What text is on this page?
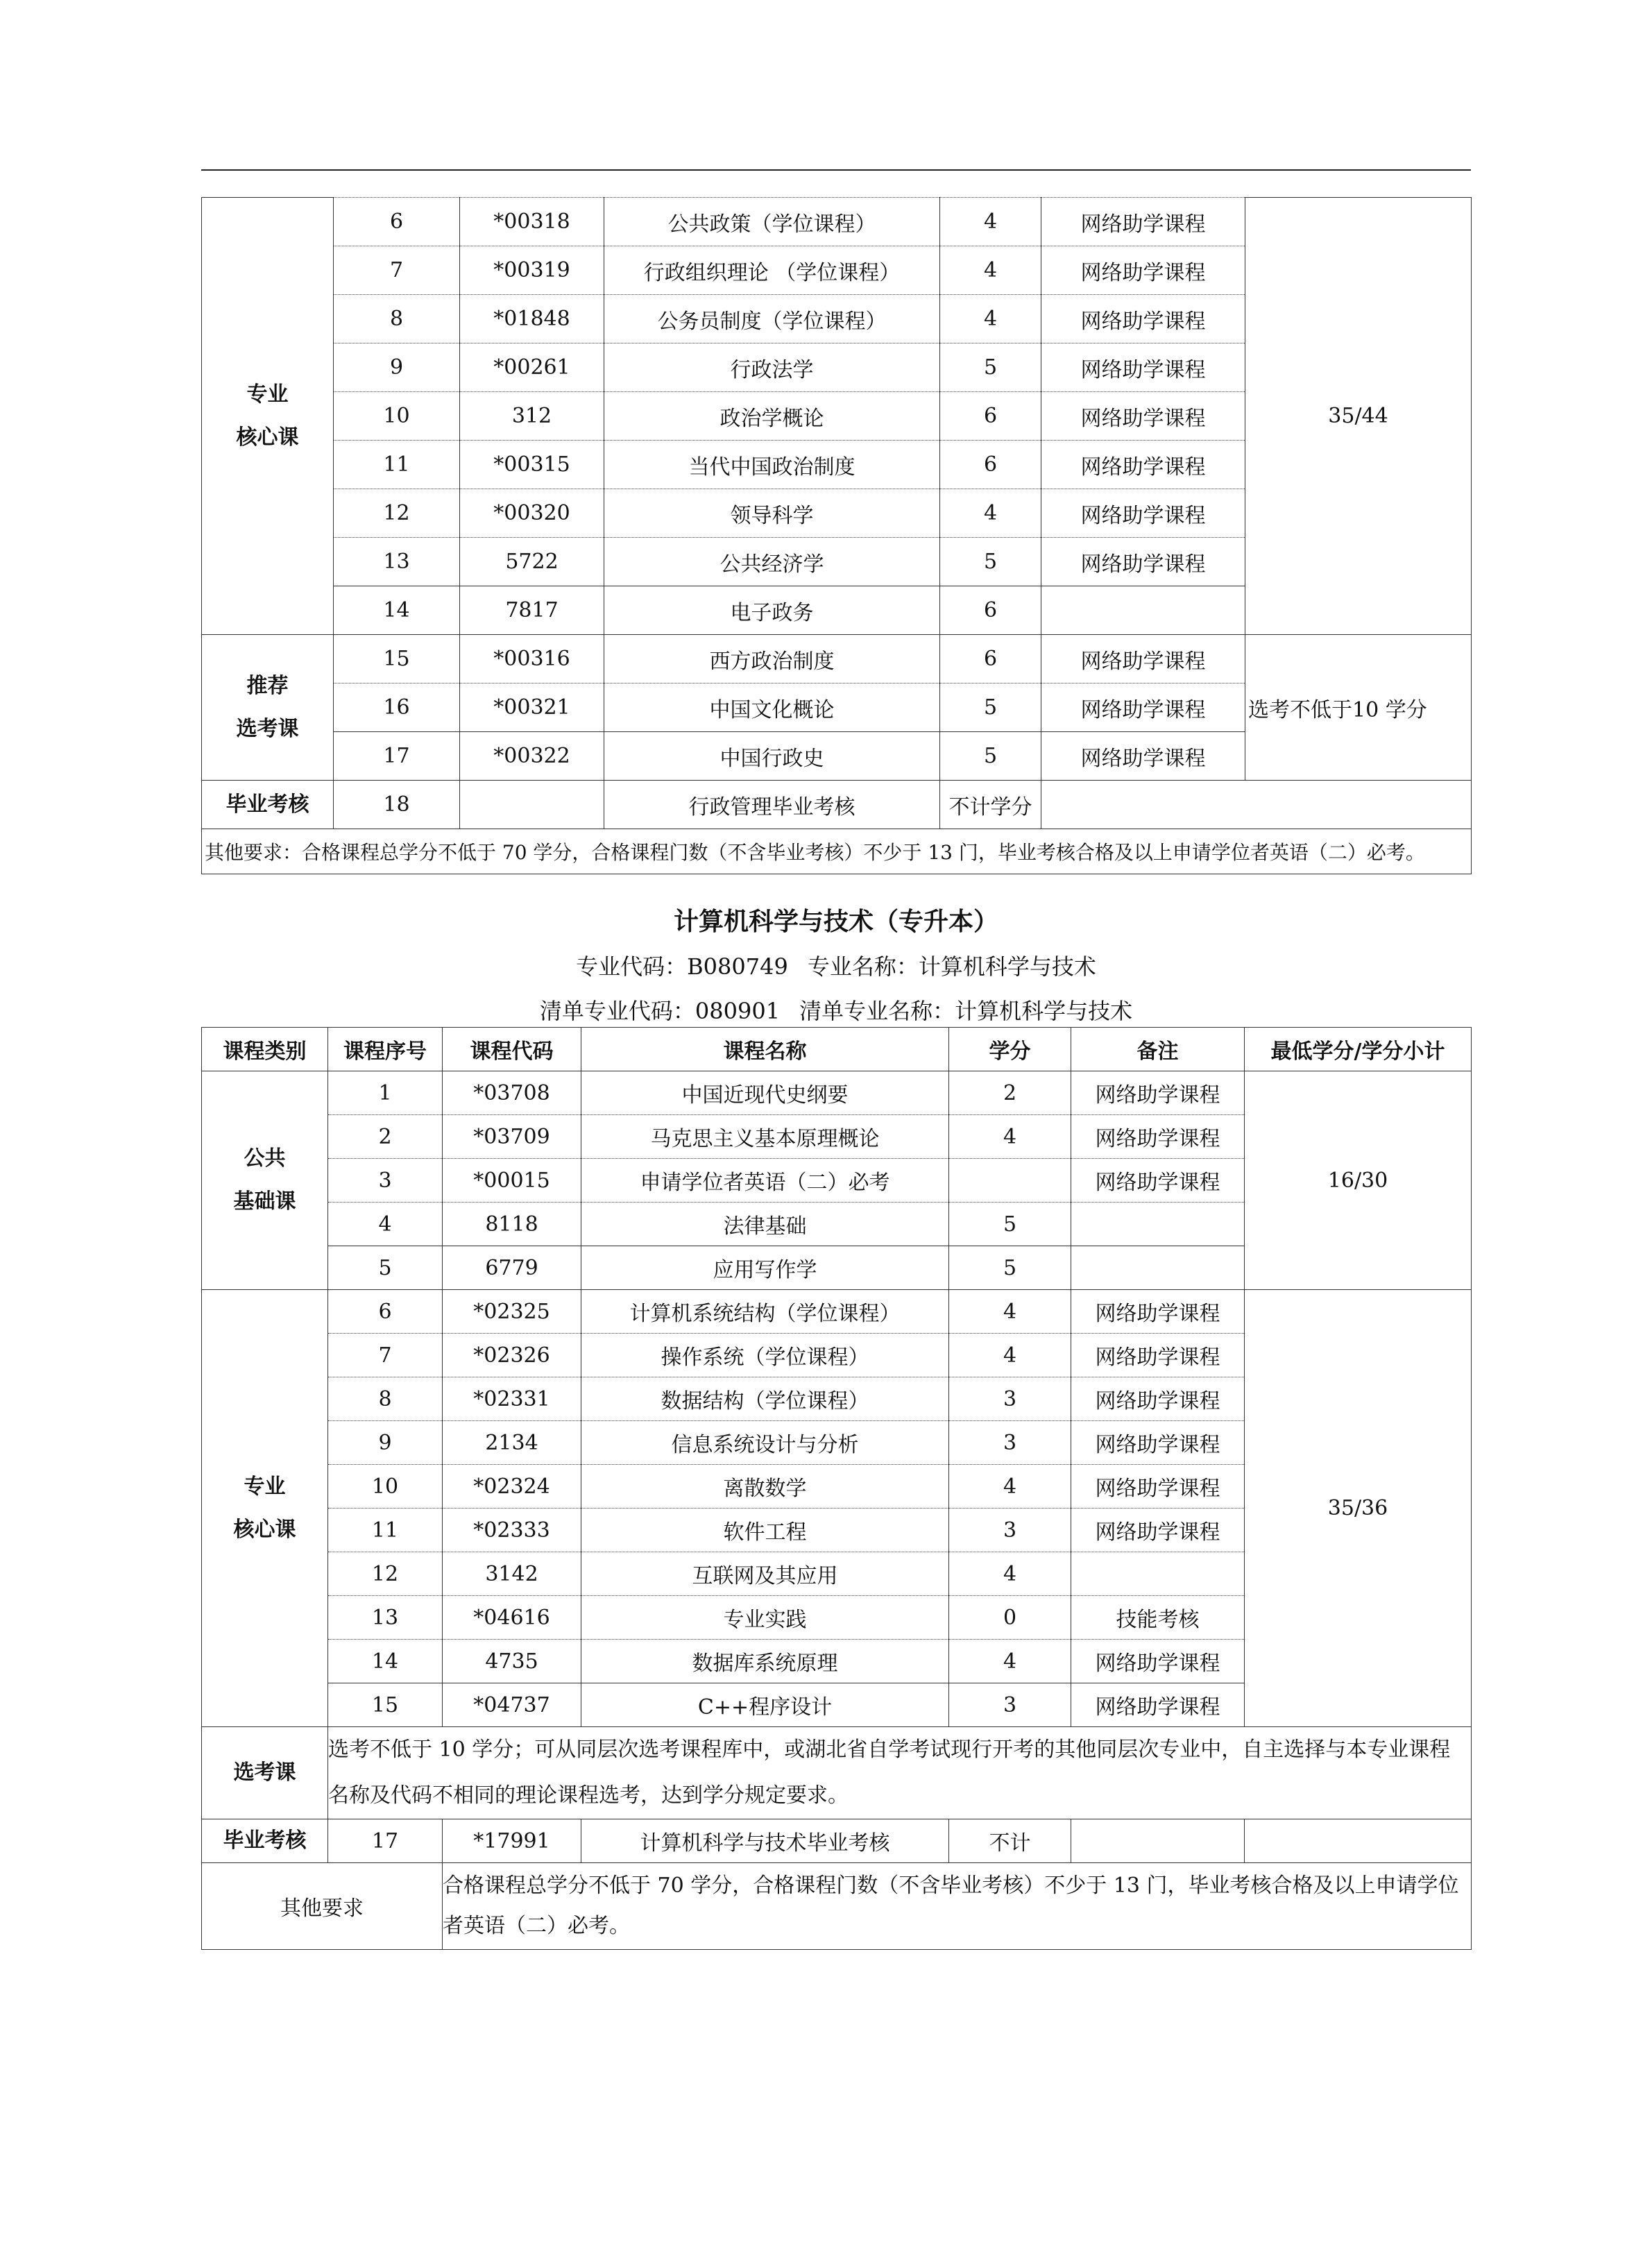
专业
核心课	6	*00318	公共政策（学位课程）	4	网络助学课程	35/44
	7	*00319	行政组织理论 （学位课程）	4	网络助学课程	
	8	*01848	公务员制度（学位课程）	4	网络助学课程	
	9	*00261	行政法学	5	网络助学课程	
	10	312	政治学概论	6	网络助学课程	
	11	*00315	当代中国政治制度	6	网络助学课程	
	12	*00320	领导科学	4	网络助学课程	
	13	5722	公共经济学	5	网络助学课程	
	14	7817	电子政务	6		

推荐
选考课	15	*00316	西方政治制度	6	网络助学课程	选考不低于10 学分
	16	*00321	中国文化概论	5	网络助学课程	
	17	*00322	中国行政史	5	网络助学课程	
毕业考核	18		行政管理毕业考核	不计学分		
其他要求：合格课程总学分不低于 70 学分，合格课程门数（不含毕业考核）不少于 13 门，毕业考核合格及以上申请学位者英语（二）必考。						
计算机科学与技术（专升本）
专业代码：B080749 专业名称：计算机科学与技术
清单专业代码：080901 清单专业名称：计算机科学与技术
课程类别	课程序号	课程代码	课程名称	学分	备注	最低学分/学分小计

公共
基础课	1	*03708	中国近现代史纲要	2	网络助学课程	16/30
	2	*03709	马克思主义基本原理概论	4	网络助学课程	
	3	*00015	申请学位者英语（二）必考		网络助学课程	
	4	8118	法律基础	5		
	5	6779	应用写作学	5		

专业
核心课	6	*02325	计算机系统结构（学位课程）	4	网络助学课程	35/36
	7	*02326	操作系统（学位课程）	4	网络助学课程	
	8	*02331	数据结构（学位课程）	3	网络助学课程	
	9	2134	信息系统设计与分析	3	网络助学课程	
	10	*02324	离散数学	4	网络助学课程	
	11	*02333	软件工程	3	网络助学课程	
	12	3142	互联网及其应用	4		
	13	*04616	专业实践	0	技能考核	
	14	4735	数据库系统原理	4	网络助学课程	
	15	*04737	C++程序设计	3	网络助学课程	
选考课	选考不低于 10 学分；可从同层次选考课程库中，或湖北省自学考试现行开考的其他同层次专业中，自主选择与本专业课程名称及代码不相同的理论课程选考，达到学分规定要求。					
毕业考核	17	*17991	计算机科学与技术毕业考核	不计		
其他要求		合格课程总学分不低于 70 学分，合格课程门数（不含毕业考核）不少于 13 门，毕业考核合格及以上申请学位者英语（二）必考。				
